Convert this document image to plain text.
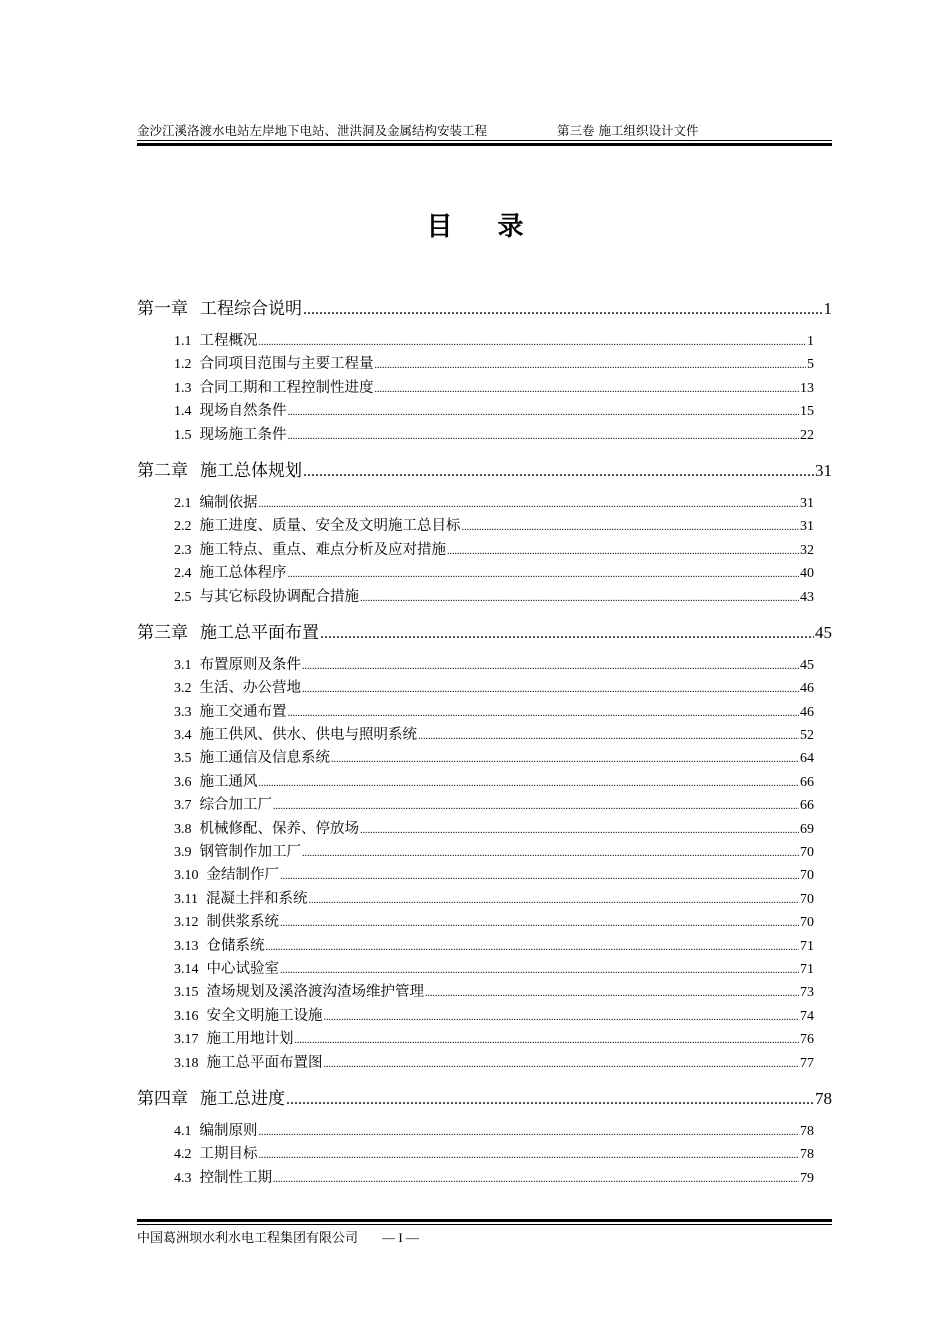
金沙江溪洛渡水电站左岸地下电站、泄洪洞及金属结构安装工程	第三卷 施工组织设计文件
目 录
第一章 工程综合说明 .....	1
1.1 工程概况 .....	1
1.2 合同项目范围与主要工程量 .....	5
1.3 合同工期和工程控制性进度 .....	13
1.4 现场自然条件 .....	15
1.5 现场施工条件 .....	22
第二章 施工总体规划 .....	31
2.1 编制依据 .....	31
2.2 施工进度、质量、安全及文明施工总目标 .....	31
2.3 施工特点、重点、难点分析及应对措施 .....	32
2.4 施工总体程序 .....	40
2.5 与其它标段协调配合措施 .....	43
第三章 施工总平面布置 .....	45
3.1 布置原则及条件 .....	45
3.2 生活、办公营地 .....	46
3.3 施工交通布置 .....	46
3.4 施工供风、供水、供电与照明系统 .....	52
3.5 施工通信及信息系统 .....	64
3.6 施工通风 .....	66
3.7 综合加工厂 .....	66
3.8 机械修配、保养、停放场 .....	69
3.9 钢管制作加工厂 .....	70
3.10 金结制作厂 .....	70
3.11 混凝土拌和系统 .....	70
3.12 制供浆系统 .....	70
3.13 仓储系统 .....	71
3.14 中心试验室 .....	71
3.15 渣场规划及溪洛渡沟渣场维护管理 .....	73
3.16 安全文明施工设施 .....	74
3.17 施工用地计划 .....	76
3.18 施工总平面布置图 .....	77
第四章 施工总进度 .....	78
4.1 编制原则 .....	78
4.2 工期目标 .....	78
4.3 控制性工期 .....	79
中国葛洲坝水利水电工程集团有限公司 — I —
